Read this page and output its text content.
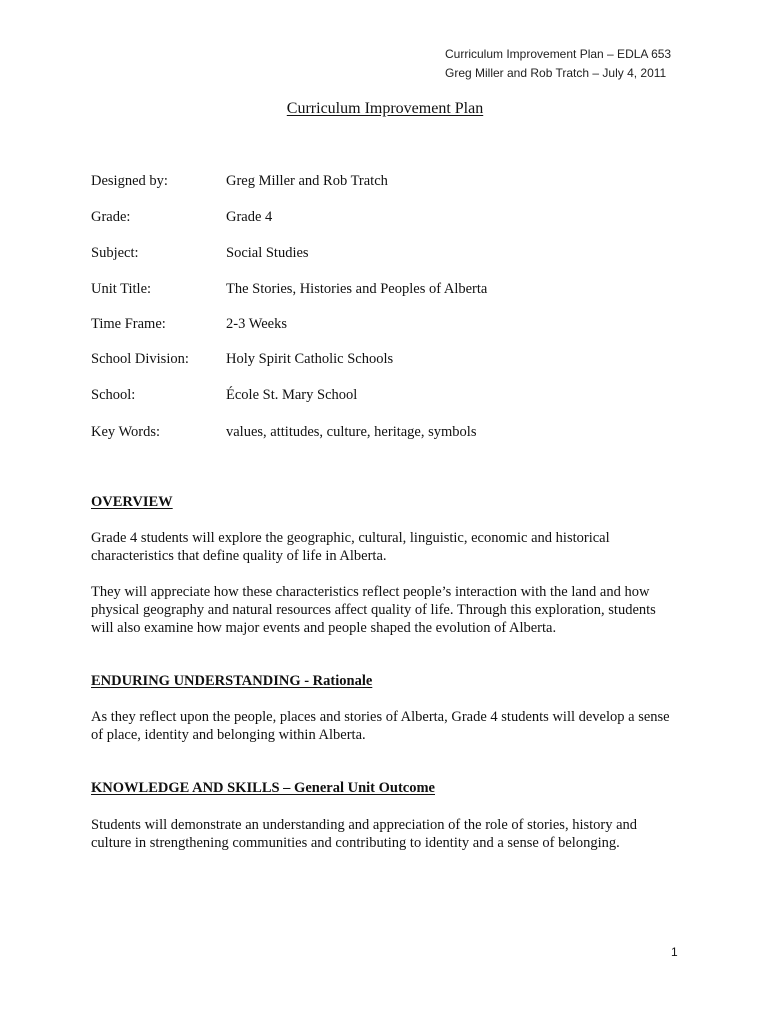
Curriculum Improvement Plan – EDLA 653
Greg Miller and Rob Tratch – July 4, 2011
Curriculum Improvement Plan
Designed by:	Greg Miller and Rob Tratch
Grade:	Grade 4
Subject:	Social Studies
Unit Title:	The Stories, Histories and Peoples of Alberta
Time Frame:	2-3 Weeks
School Division:	Holy Spirit Catholic Schools
School:	École St. Mary School
Key Words:	values, attitudes, culture, heritage, symbols
OVERVIEW
Grade 4 students will explore the geographic, cultural, linguistic, economic and historical characteristics that define quality of life in Alberta.
They will appreciate how these characteristics reflect people’s interaction with the land and how physical geography and natural resources affect quality of life. Through this exploration, students will also examine how major events and people shaped the evolution of Alberta.
ENDURING UNDERSTANDING - Rationale
As they reflect upon the people, places and stories of Alberta, Grade 4 students will develop a sense of place, identity and belonging within Alberta.
KNOWLEDGE AND SKILLS – General Unit Outcome
Students will demonstrate an understanding and appreciation of the role of stories, history and culture in strengthening communities and contributing to identity and a sense of belonging.
1
